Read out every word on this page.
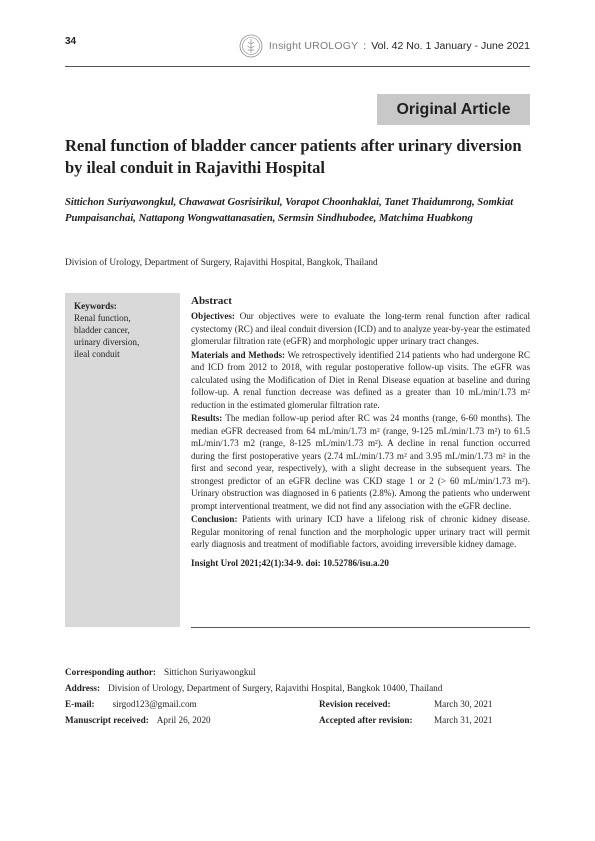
34	Insight UROLOGY : Vol. 42 No. 1 January - June 2021
Original Article
Renal function of bladder cancer patients after urinary diversion by ileal conduit in Rajavithi Hospital
Sittichon Suriyawongkul, Chawawat Gosrisirikul, Vorapot Choonhaklai, Tanet Thaidumrong, Somkiat Pumpaisanchai, Nattapong Wongwattanasatien, Sermsin Sindhubodee, Matchima Huabkong
Division of Urology, Department of Surgery, Rajavithi Hospital, Bangkok, Thailand
Keywords:
Renal function,
bladder cancer,
urinary diversion,
ileal conduit
Abstract

Objectives: Our objectives were to evaluate the long-term renal function after radical cystectomy (RC) and ileal conduit diversion (ICD) and to analyze year-by-year the estimated glomerular filtration rate (eGFR) and morphologic upper urinary tract changes.

Materials and Methods: We retrospectively identified 214 patients who had undergone RC and ICD from 2012 to 2018, with regular postoperative follow-up visits. The eGFR was calculated using the Modification of Diet in Renal Disease equation at baseline and during follow-up. A renal function decrease was defined as a greater than 10 mL/min/1.73 m² reduction in the estimated glomerular filtration rate.

Results: The median follow-up period after RC was 24 months (range, 6-60 months). The median eGFR decreased from 64 mL/min/1.73 m² (range, 9-125 mL/min/1.73 m²) to 61.5 mL/min/1.73 m2 (range, 8-125 mL/min/1.73 m²). A decline in renal function occurred during the first postoperative years (2.74 mL/min/1.73 m² and 3.95 mL/min/1.73 m² in the first and second year, respectively), with a slight decrease in the subsequent years. The strongest predictor of an eGFR decline was CKD stage 1 or 2 (> 60 mL/min/1.73 m²). Urinary obstruction was diagnosed in 6 patients (2.8%). Among the patients who underwent prompt interventional treatment, we did not find any association with the eGFR decline.

Conclusion: Patients with urinary ICD have a lifelong risk of chronic kidney disease. Regular monitoring of renal function and the morphologic upper urinary tract will permit early diagnosis and treatment of modifiable factors, avoiding irreversible kidney damage.

Insight Urol 2021;42(1):34-9. doi: 10.52786/isu.a.20

Corresponding author: Sittichon Suriyawongkul
Address: Division of Urology, Department of Surgery, Rajavithi Hospital, Bangkok 10400, Thailand
E-mail: sirgod123@gmail.com	Revision received:	March 30, 2021
Manuscript received: April 26, 2020	Accepted after revision: March 31, 2021
